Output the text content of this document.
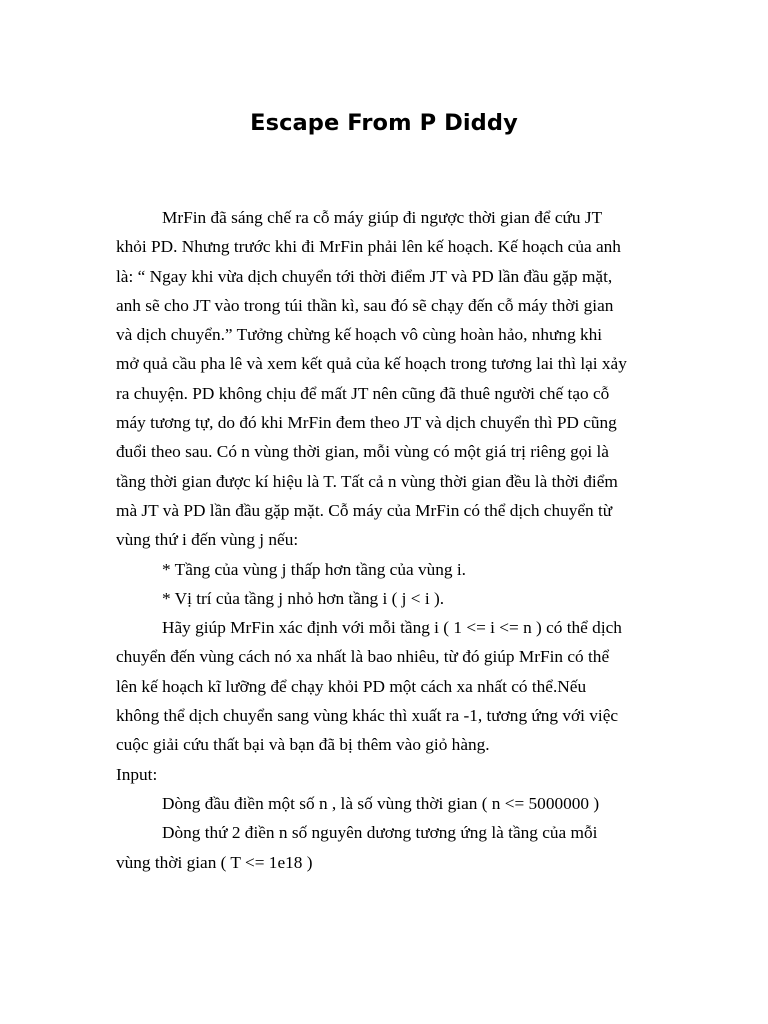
Escape From P Diddy
MrFin đã sáng chế ra cỗ máy giúp đi ngược thời gian để cứu JT
khỏi PD. Nhưng trước khi đi MrFin phải lên kế hoạch. Kế hoạch của anh
là: “ Ngay khi vừa dịch chuyển tới thời điểm JT và PD lần đầu gặp mặt,
anh sẽ cho JT vào trong túi thần kì, sau đó sẽ chạy đến cỗ máy thời gian
và dịch chuyển.” Tưởng chừng kế hoạch vô cùng hoàn hảo, nhưng khi
mở quả cầu pha lê và xem kết quả của kế hoạch trong tương lai thì lại xảy
ra chuyện. PD không chịu để mất JT nên cũng đã thuê người chế tạo cỗ
máy tương tự, do đó khi MrFin đem theo JT và dịch chuyển thì PD cũng
đuổi theo sau. Có n vùng thời gian, mỗi vùng có một giá trị riêng gọi là
tầng thời gian được kí hiệu là T. Tất cả n vùng thời gian đều là thời điểm
mà JT và PD lần đầu gặp mặt. Cỗ máy của MrFin có thể dịch chuyển từ
vùng thứ i đến vùng j nếu:
* Tầng của vùng j thấp hơn tầng của vùng i.
* Vị trí của tầng j nhỏ hơn tầng i ( j < i ).
Hãy giúp MrFin xác định với mỗi tầng i ( 1 <= i <= n ) có thể dịch
chuyển đến vùng cách nó xa nhất là bao nhiêu, từ đó giúp MrFin có thể
lên kế hoạch kĩ lưỡng để chạy khỏi PD một cách xa nhất có thể.Nếu
không thể dịch chuyển sang vùng khác thì xuất ra -1, tương ứng với việc
cuộc giải cứu thất bại và bạn đã bị thêm vào giỏ hàng.
Input:
Dòng đầu điền một số n , là số vùng thời gian ( n <= 5000000 )
Dòng thứ 2 điền n số nguyên dương tương ứng là tầng của mỗi
vùng thời gian ( T <= 1e18 )
